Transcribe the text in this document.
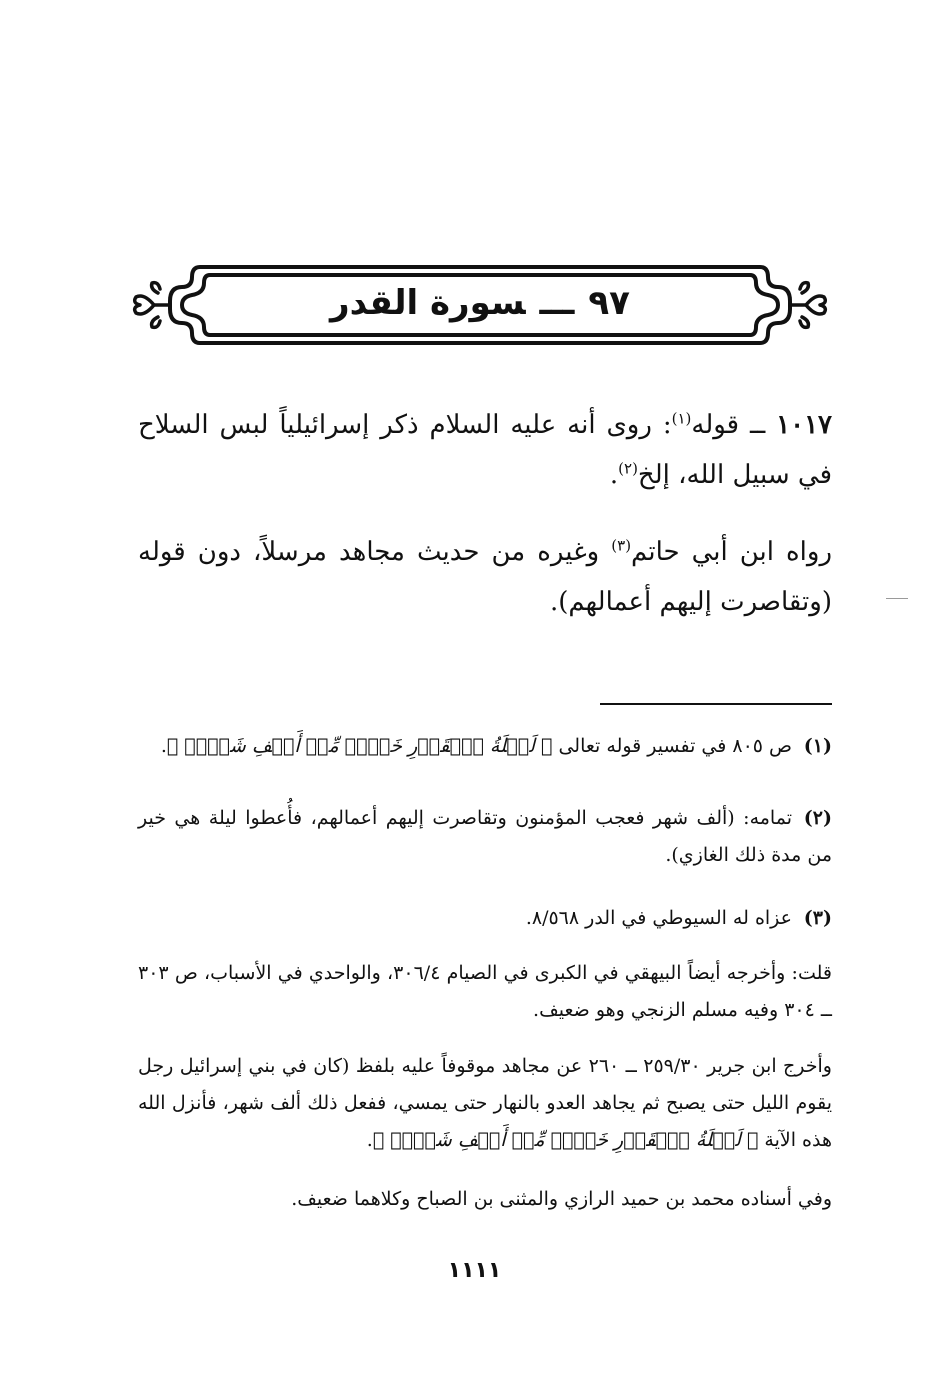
٩٧ـــسورة القدر
١٠١٧ ــ قوله$^{(١)}$: روى أنه عليه السلام ذكر إسرائيلياً لبس السلاح في سبيل الله، إلخ$^{(٢)}$.
رواه ابن أبي حاتم$^{(٣)}$ وغيره من حديث مجاهد مرسلاً، دون قوله (وتقاصرت إليهم أعمالهم).
(١)ص ٨٠٥ في تفسير قوله تعالى ﴿ لَيۡلَةُ ٱلۡقَدۡرِ خَيۡرٞ مِّنۡ أَلۡفِ شَهۡرٖ ﴾.
(٢)تمامه: (ألف شهر فعجب المؤمنون وتقاصرت إليهم أعمالهم، فأُعطوا ليلة هي خير من مدة ذلك الغازي).
(٣)عزاه له السيوطي في الدر ٨/٥٦٨.
قلت: وأخرجه أيضاً البيهقي في الكبرى في الصيام ٣٠٦/٤، والواحدي في الأسباب، ص ٣٠٣ ــ ٣٠٤ وفيه مسلم الزنجي وهو ضعيف.
وأخرج ابن جرير ٢٥٩/٣٠ ــ ٢٦٠ عن مجاهد موقوفاً عليه بلفظ (كان في بني إسرائيل رجل يقوم الليل حتى يصبح ثم يجاهد العدو بالنهار حتى يمسي، ففعل ذلك ألف شهر، فأنزل الله هذه الآية ﴿ لَيۡلَةُ ٱلۡقَدۡرِ خَيۡرٞ مِّنۡ أَلۡفِ شَهۡرٖ ﴾.
وفي أسناده محمد بن حميد الرازي والمثنى بن الصباح وكلاهما ضعيف.
١١١١
